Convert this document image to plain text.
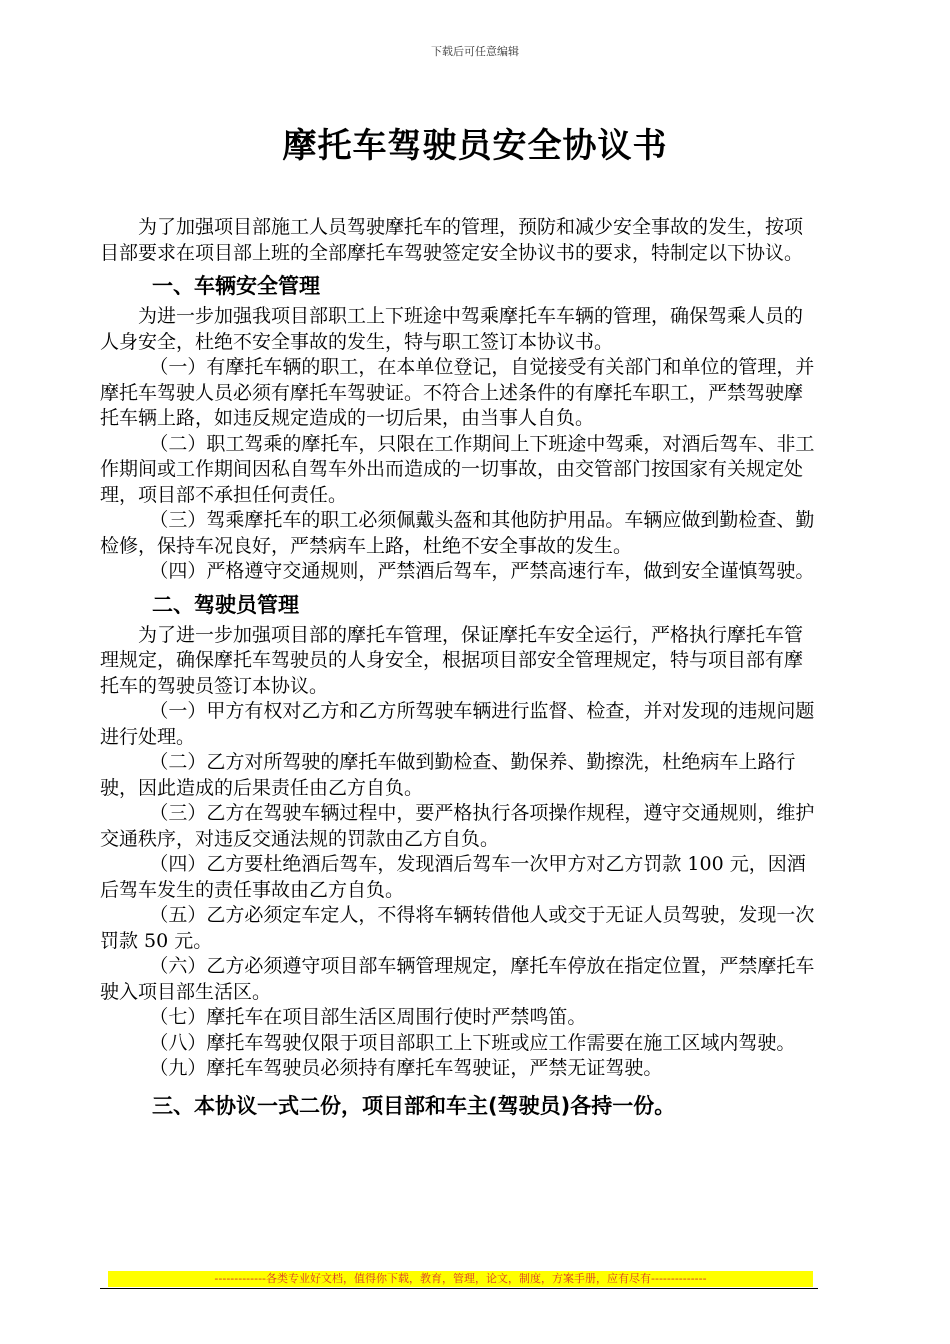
下载后可任意编辑
摩托车驾驶员安全协议书

为了加强项目部施工人员驾驶摩托车的管理，预防和减少安全事故的发生，按项目部要求在项目部上班的全部摩托车驾驶签定安全协议书的要求，特制定以下协议。

一、车辆安全管理

为进一步加强我项目部职工上下班途中驾乘摩托车车辆的管理，确保驾乘人员的人身安全，杜绝不安全事故的发生，特与职工签订本协议书。

（一）有摩托车辆的职工，在本单位登记，自觉接受有关部门和单位的管理，并摩托车驾驶人员必须有摩托车驾驶证。不符合上述条件的有摩托车职工，严禁驾驶摩托车辆上路，如违反规定造成的一切后果，由当事人自负。

（二）职工驾乘的摩托车，只限在工作期间上下班途中驾乘，对酒后驾车、非工作期间或工作期间因私自驾车外出而造成的一切事故，由交管部门按国家有关规定处理，项目部不承担任何责任。

（三）驾乘摩托车的职工必须佩戴头盔和其他防护用品。车辆应做到勤检查、勤检修，保持车况良好，严禁病车上路，杜绝不安全事故的发生。

（四）严格遵守交通规则，严禁酒后驾车，严禁高速行车，做到安全谨慎驾驶。

二、驾驶员管理

为了进一步加强项目部的摩托车管理，保证摩托车安全运行，严格执行摩托车管理规定，确保摩托车驾驶员的人身安全，根据项目部安全管理规定，特与项目部有摩托车的驾驶员签订本协议。

（一）甲方有权对乙方和乙方所驾驶车辆进行监督、检查，并对发现的违规问题进行处理。

（二）乙方对所驾驶的摩托车做到勤检查、勤保养、勤擦洗，杜绝病车上路行驶，因此造成的后果责任由乙方自负。

（三）乙方在驾驶车辆过程中，要严格执行各项操作规程，遵守交通规则，维护交通秩序，对违反交通法规的罚款由乙方自负。

（四）乙方要杜绝酒后驾车，发现酒后驾车一次甲方对乙方罚款 100 元，因酒后驾车发生的责任事故由乙方自负。

（五）乙方必须定车定人，不得将车辆转借他人或交于无证人员驾驶，发现一次罚款 50 元。

（六）乙方必须遵守项目部车辆管理规定，摩托车停放在指定位置，严禁摩托车驶入项目部生活区。

（七）摩托车在项目部生活区周围行使时严禁鸣笛。

（八）摩托车驾驶仅限于项目部职工上下班或应工作需要在施工区域内驾驶。

（九）摩托车驾驶员必须持有摩托车驾驶证，严禁无证驾驶。

三、本协议一式二份，项目部和车主(驾驶员)各持一份。

-------------各类专业好文档，值得你下载，教育，管理，论文，制度，方案手册，应有尽有--------------
